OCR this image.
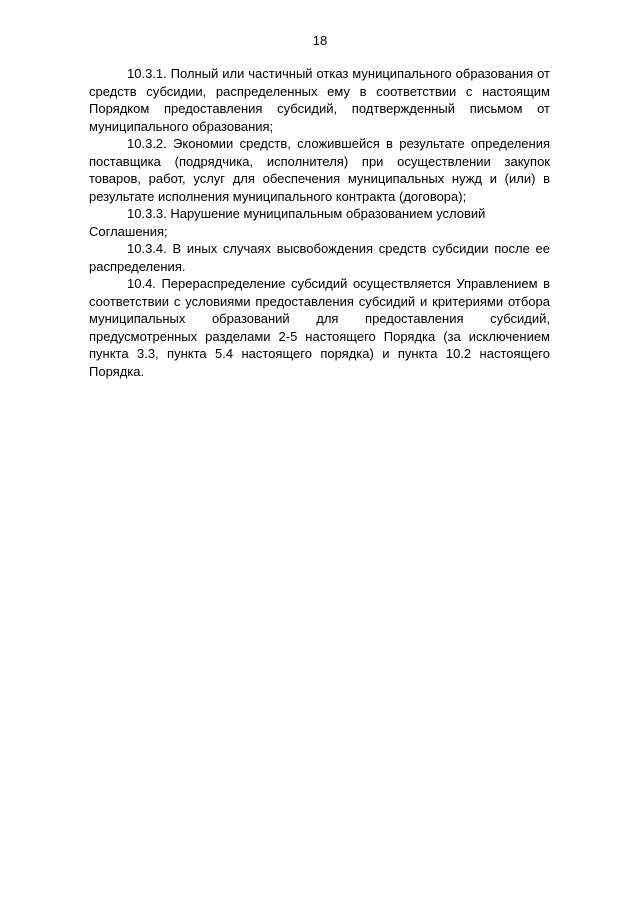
18

10.3.1. Полный или частичный отказ муниципального образования от средств субсидии, распределенных ему в соответствии с настоящим Порядком предоставления субсидий, подтвержденный письмом от муниципального образования;

10.3.2. Экономии средств, сложившейся в результате определения поставщика (подрядчика, исполнителя) при осуществлении закупок товаров, работ, услуг для обеспечения муниципальных нужд и (или) в результате исполнения муниципального контракта (договора);

10.3.3. Нарушение муниципальным образованием условий Соглашения;

10.3.4. В иных случаях высвобождения средств субсидии после ее распределения.

10.4. Перераспределение субсидий осуществляется Управлением в соответствии с условиями предоставления субсидий и критериями отбора муниципальных образований для предоставления субсидий, предусмотренных разделами 2-5 настоящего Порядка (за исключением пункта 3.3, пункта 5.4 настоящего порядка) и пункта 10.2 настоящего Порядка.
